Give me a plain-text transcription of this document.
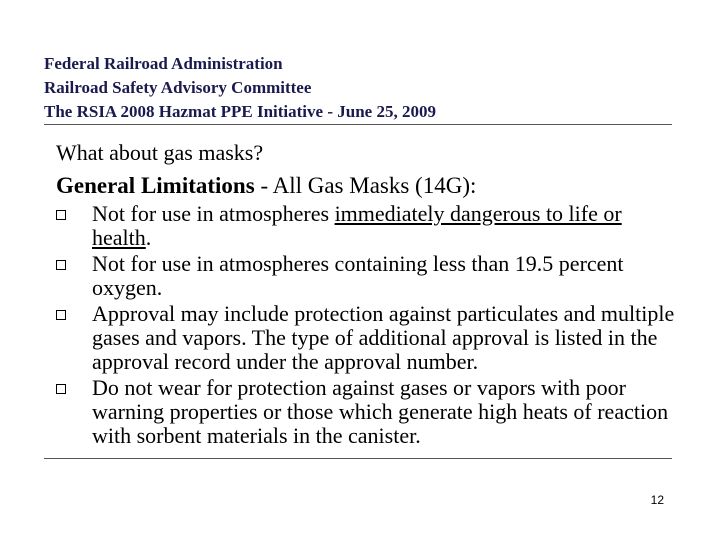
Federal Railroad Administration
Railroad Safety Advisory Committee
The RSIA 2008 Hazmat PPE Initiative - June 25, 2009
What about gas masks?
General Limitations - All Gas Masks (14G):
Not for use in atmospheres immediately dangerous to life or health.
Not for use in atmospheres containing less than 19.5 percent oxygen.
Approval may include protection against particulates and multiple gases and vapors. The type of additional approval is listed in the approval record under the approval number.
Do not wear for protection against gases or vapors with poor warning properties or those which generate high heats of reaction with sorbent materials in the canister.
12
